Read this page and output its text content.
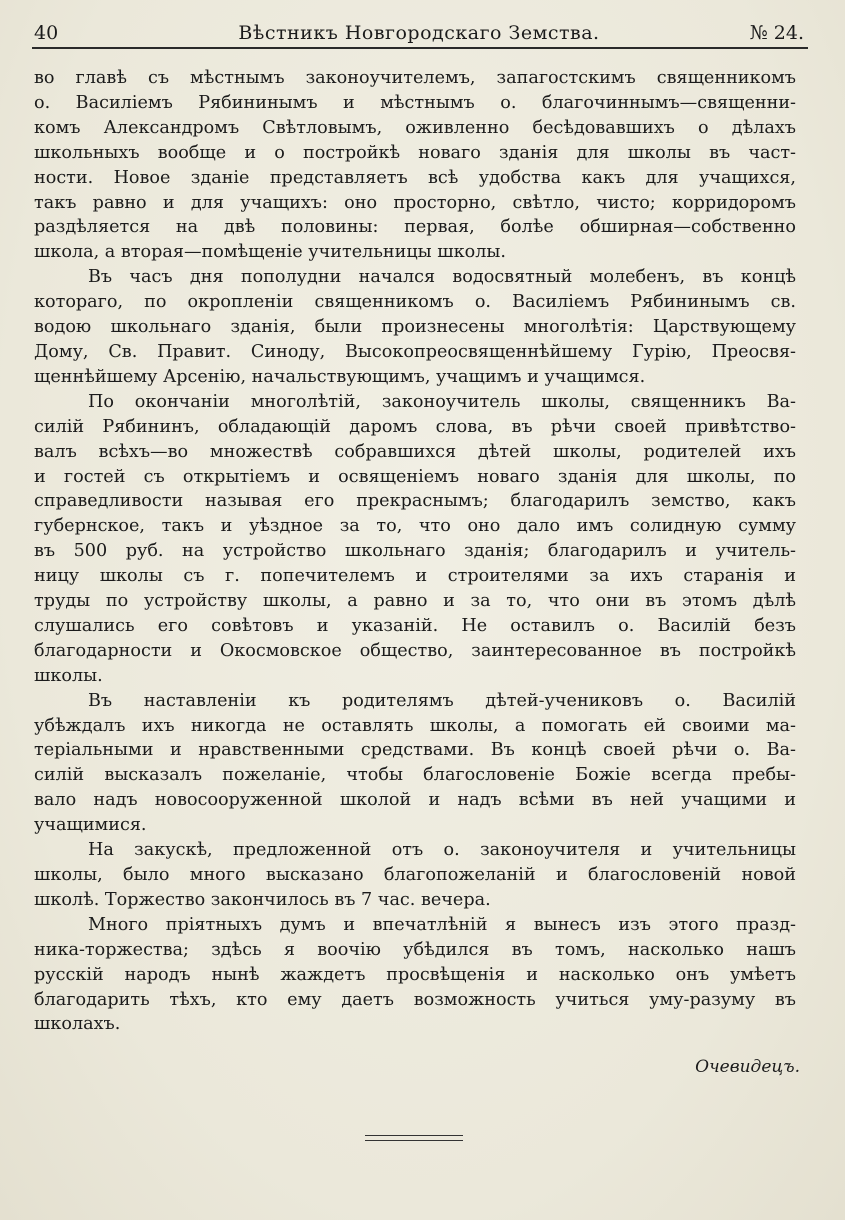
40	Вѣстникъ Новгородскаго Земства.	№ 24.
во главѣ съ мѣстнымъ законоучителемъ, запагостскимъ священникомъ
о. Василіемъ Рябининымъ и мѣстнымъ о. благочиннымъ—священни-
комъ Александромъ Свѣтловымъ, оживленно бесѣдовавшихъ о дѣлахъ
школьныхъ вообще и о постройкѣ новаго зданія для школы въ част-
ности. Новое зданіе представляетъ всѣ удобства какъ для учащихся,
такъ равно и для учащихъ: оно просторно, свѣтло, чисто; корридоромъ
раздѣляется на двѣ половины: первая, болѣе обширная—собственно
школа, а вторая—помѣщеніе учительницы школы.
Въ часъ дня пополудни начался водосвятный молебенъ, въ концѣ
котораго, по окропленіи священникомъ о. Василіемъ Рябининымъ св.
водою школьнаго зданія, были произнесены многолѣтія: Царствующему
Дому, Св. Правит. Синоду, Высокопреосвященнѣйшему Гурію, Преосвя-
щеннѣйшему Арсенію, начальствующимъ, учащимъ и учащимся.
По окончаніи многолѣтій, законоучитель школы, священникъ Ва-
силій Рябининъ, обладающій даромъ слова, въ рѣчи своей привѣтство-
валъ всѣхъ—во множествѣ собравшихся дѣтей школы, родителей ихъ
и гостей съ открытіемъ и освященіемъ новаго зданія для школы, по
справедливости называя его прекраснымъ; благодарилъ земство, какъ
губернское, такъ и уѣздное за то, что оно дало имъ солидную сумму
въ 500 руб. на устройство школьнаго зданія; благодарилъ и учитель-
ницу школы съ г. попечителемъ и строителями за ихъ старанія и
труды по устройству школы, а равно и за то, что они въ этомъ дѣлѣ
слушались его совѣтовъ и указаній. Не оставилъ о. Василій безъ
благодарности и Окосмовское общество, заинтересованное въ постройкѣ
школы.
Въ наставленіи къ родителямъ дѣтей-учениковъ о. Василій
убѣждалъ ихъ никогда не оставлять школы, а помогать ей своими ма-
теріальными и нравственными средствами. Въ концѣ своей рѣчи о. Ва-
силій высказалъ пожеланіе, чтобы благословеніе Божіе всегда пребы-
вало надъ новосооруженной школой и надъ всѣми въ ней учащими и
учащимися.
На закускѣ, предложенной отъ о. законоучителя и учительницы
школы, было много высказано благопожеланій и благословеній новой
школѣ. Торжество закончилось въ 7 час. вечера.
Много пріятныхъ думъ и впечатлѣній я вынесъ изъ этого празд-
ника-торжества; здѣсь я воочію убѣдился въ томъ, насколько нашъ
русскій народъ нынѣ жаждетъ просвѣщенія и насколько онъ умѣетъ
благодарить тѣхъ, кто ему даетъ возможность учиться уму-разуму въ
школахъ.
Очевидецъ.
